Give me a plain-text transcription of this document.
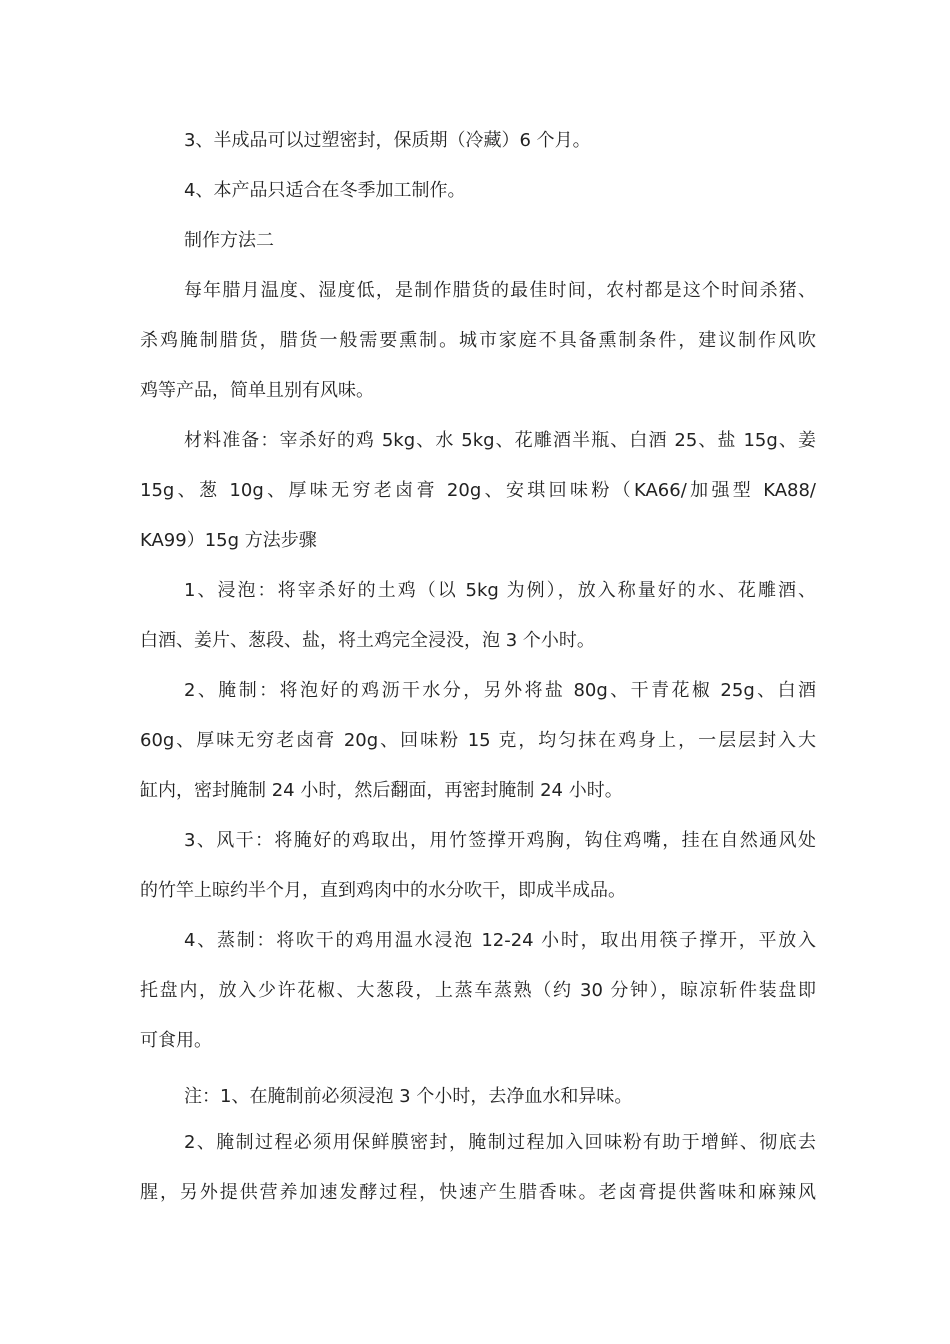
3、半成品可以过塑密封，保质期（冷藏）6 个月。
4、本产品只适合在冬季加工制作。
制作方法二
每年腊月温度、湿度低，是制作腊货的最佳时间，农村都是这个时间杀猪、
杀鸡腌制腊货，腊货一般需要熏制。城市家庭不具备熏制条件，建议制作风吹
鸡等产品，简单且别有风味。
材料准备：宰杀好的鸡 5kg、水 5kg、花雕酒半瓶、白酒 25、盐 15g、姜
15g、葱 10g、厚味无穷老卤膏 20g、安琪回味粉（KA66/加强型 KA88/
KA99）15g 方法步骤
1、浸泡：将宰杀好的土鸡（以 5kg 为例），放入称量好的水、花雕酒、
白酒、姜片、葱段、盐，将土鸡完全浸没，泡 3 个小时。
2、腌制：将泡好的鸡沥干水分，另外将盐 80g、干青花椒 25g、白酒
60g、厚味无穷老卤膏 20g、回味粉 15 克，均匀抹在鸡身上，一层层封入大
缸内，密封腌制 24 小时，然后翻面，再密封腌制 24 小时。
3、风干：将腌好的鸡取出，用竹签撑开鸡胸，钩住鸡嘴，挂在自然通风处
的竹竿上晾约半个月，直到鸡肉中的水分吹干，即成半成品。
4、蒸制：将吹干的鸡用温水浸泡 12-24 小时，取出用筷子撑开，平放入
托盘内，放入少许花椒、大葱段，上蒸车蒸熟（约 30 分钟），晾凉斩件装盘即
可食用。
注：1、在腌制前必须浸泡 3 个小时，去净血水和异味。
2、腌制过程必须用保鲜膜密封，腌制过程加入回味粉有助于增鲜、彻底去
腥，另外提供营养加速发酵过程，快速产生腊香味。老卤膏提供酱味和麻辣风
